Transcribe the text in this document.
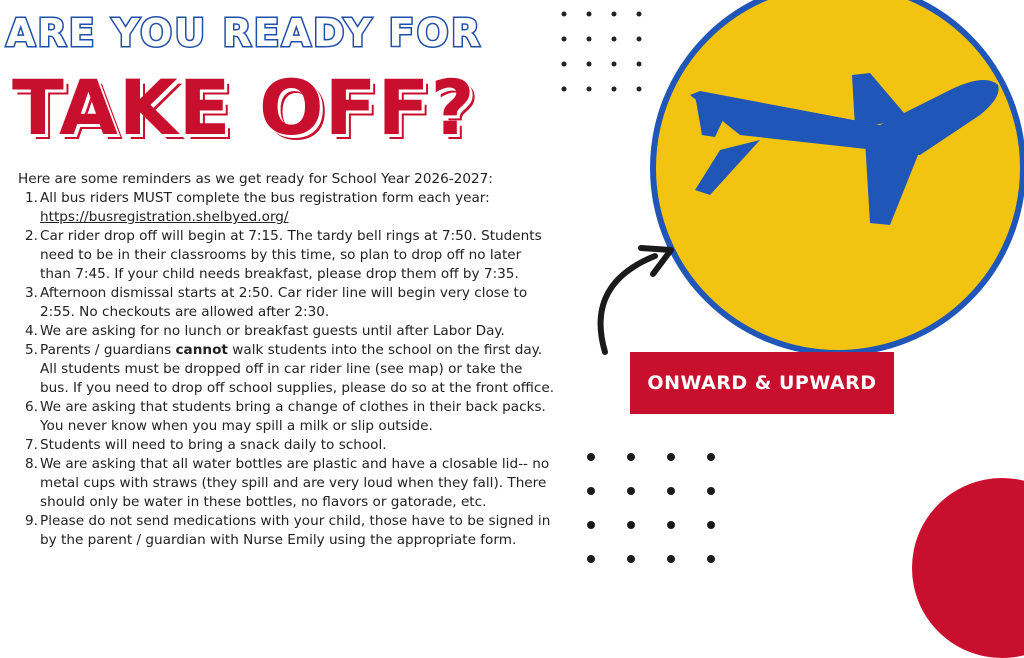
ARE YOU READY FOR
TAKE OFF?
Here are some reminders as we get ready for School Year 2026-2027:
1. All bus riders MUST complete the bus registration form each year:
https://busregistration.shelbyed.org/
2. Car rider drop off will begin at 7:15. The tardy bell rings at 7:50. Students need to be in their classrooms by this time, so plan to drop off no later than 7:45. If your child needs breakfast, please drop them off by 7:35.
3. Afternoon dismissal starts at 2:50. Car rider line will begin very close to 2:55. No checkouts are allowed after 2:30.
4. We are asking for no lunch or breakfast guests until after Labor Day.
5. Parents / guardians cannot walk students into the school on the first day. All students must be dropped off in car rider line (see map) or take the bus. If you need to drop off school supplies, please do so at the front office.
6. We are asking that students bring a change of clothes in their back packs. You never know when you may spill a milk or slip outside.
7. Students will need to bring a snack daily to school.
8. We are asking that all water bottles are plastic and have a closable lid-- no metal cups with straws (they spill and are very loud when they fall). There should only be water in these bottles, no flavors or gatorade, etc.
9. Please do not send medications with your child, those have to be signed in by the parent / guardian with Nurse Emily using the appropriate form.
ONWARD & UPWARD
